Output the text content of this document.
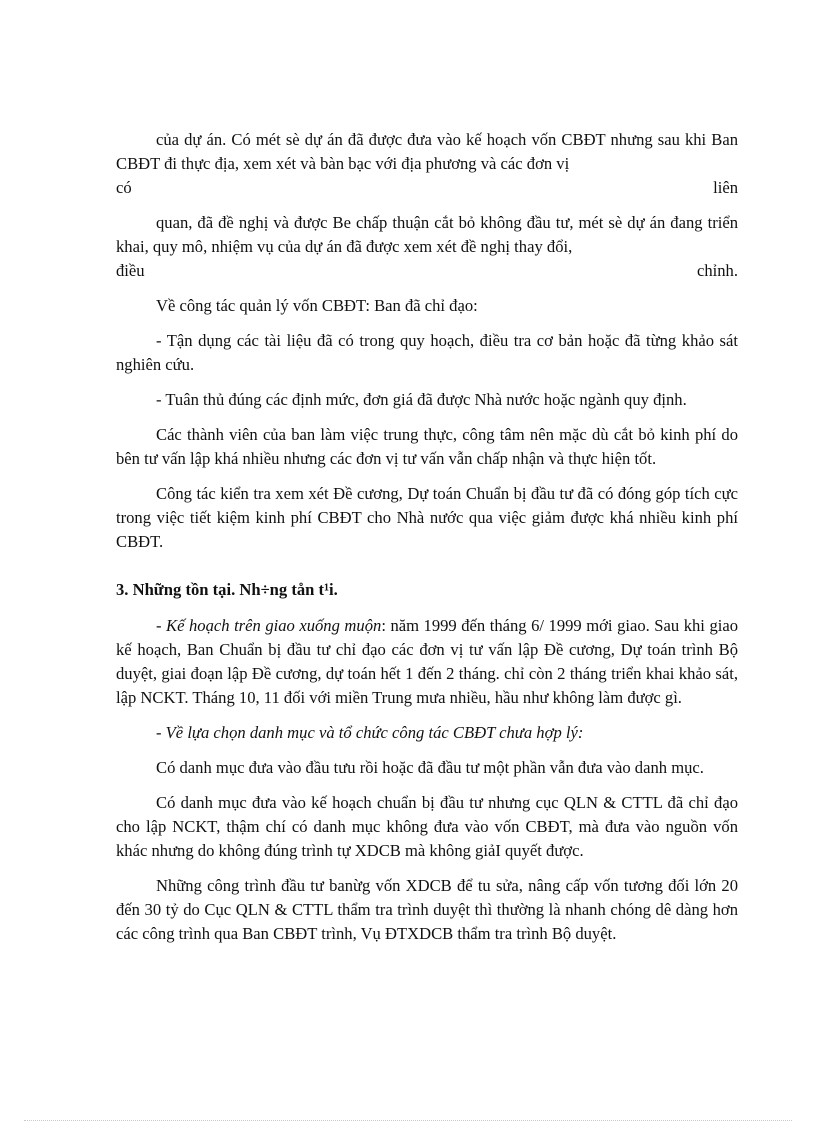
của dự án. Có mét sè dự án đã được đưa vào kế hoạch vốn CBĐT nhưng sau khi Ban CBĐT đi thực địa, xem xét và bàn bạc với địa phương và các đơn vị

có	liên

quan, đã đề nghị và được Be chấp thuận cắt bỏ không đầu tư, mét sè dự án đang triển khai, quy mô, nhiệm vụ của dự án đã được xem xét đề nghị thay đổi,

điều	chỉnh.

Về công tác quản lý vốn CBĐT: Ban đã chỉ đạo:

- Tận dụng các tài liệu đã có trong quy hoạch, điều tra cơ bản hoặc đã từng khảo sát nghiên cứu.

- Tuân thủ đúng các định mức, đơn giá đã được Nhà nước hoặc ngành quy định.

Các thành viên của ban làm việc trung thực, công tâm nên mặc dù cắt bỏ kinh phí do bên tư vấn lập khá nhiều nhưng các đơn vị tư vấn vẫn chấp nhận và thực hiện tốt.

Công tác kiển tra xem xét Đề cương, Dự toán Chuẩn bị đầu tư đã có đóng góp tích cực trong việc tiết kiệm kinh phí CBĐT cho Nhà nước qua việc giảm được khá nhiều kinh phí CBĐT.

3. Những tồn tại. Nh÷ng tån t¹i.

- Kế hoạch trên giao xuống muộn: năm 1999 đến tháng 6/ 1999 mới giao. Sau khi giao kế hoạch, Ban Chuẩn bị đầu tư chỉ đạo các đơn vị tư vấn lập Đề cương, Dự toán trình Bộ duyệt, giai đoạn lập Đề cương, dự toán hết 1 đến 2 tháng. chỉ còn 2 tháng triển khai khảo sát, lập NCKT. Tháng 10, 11 đối với miền Trung mưa nhiều, hầu như không làm được gì.

- Về lựa chọn danh mục và tổ chức công tác CBĐT chưa hợp lý:

Có danh mục đưa vào đầu tưu rồi hoặc đã đầu tư một phần vẫn đưa vào danh mục.

Có danh mục đưa vào kế hoạch chuẩn bị đầu tư nhưng cục QLN & CTTL đã chỉ đạo cho lập NCKT, thậm chí có danh mục không đưa vào vốn CBĐT, mà đưa vào nguồn vốn khác nhưng do không đúng trình tự XDCB mà không giảI quyết được.

Những công trình đầu tư banừg vốn XDCB để tu sửa, nâng cấp vốn tương đối lớn 20 đến 30 tỷ do Cục QLN & CTTL thẩm tra trình duyệt thì thường là nhanh chóng dê dàng hơn các công trình qua Ban CBĐT trình, Vụ ĐTXDCB thẩm tra trình Bộ duyệt.
